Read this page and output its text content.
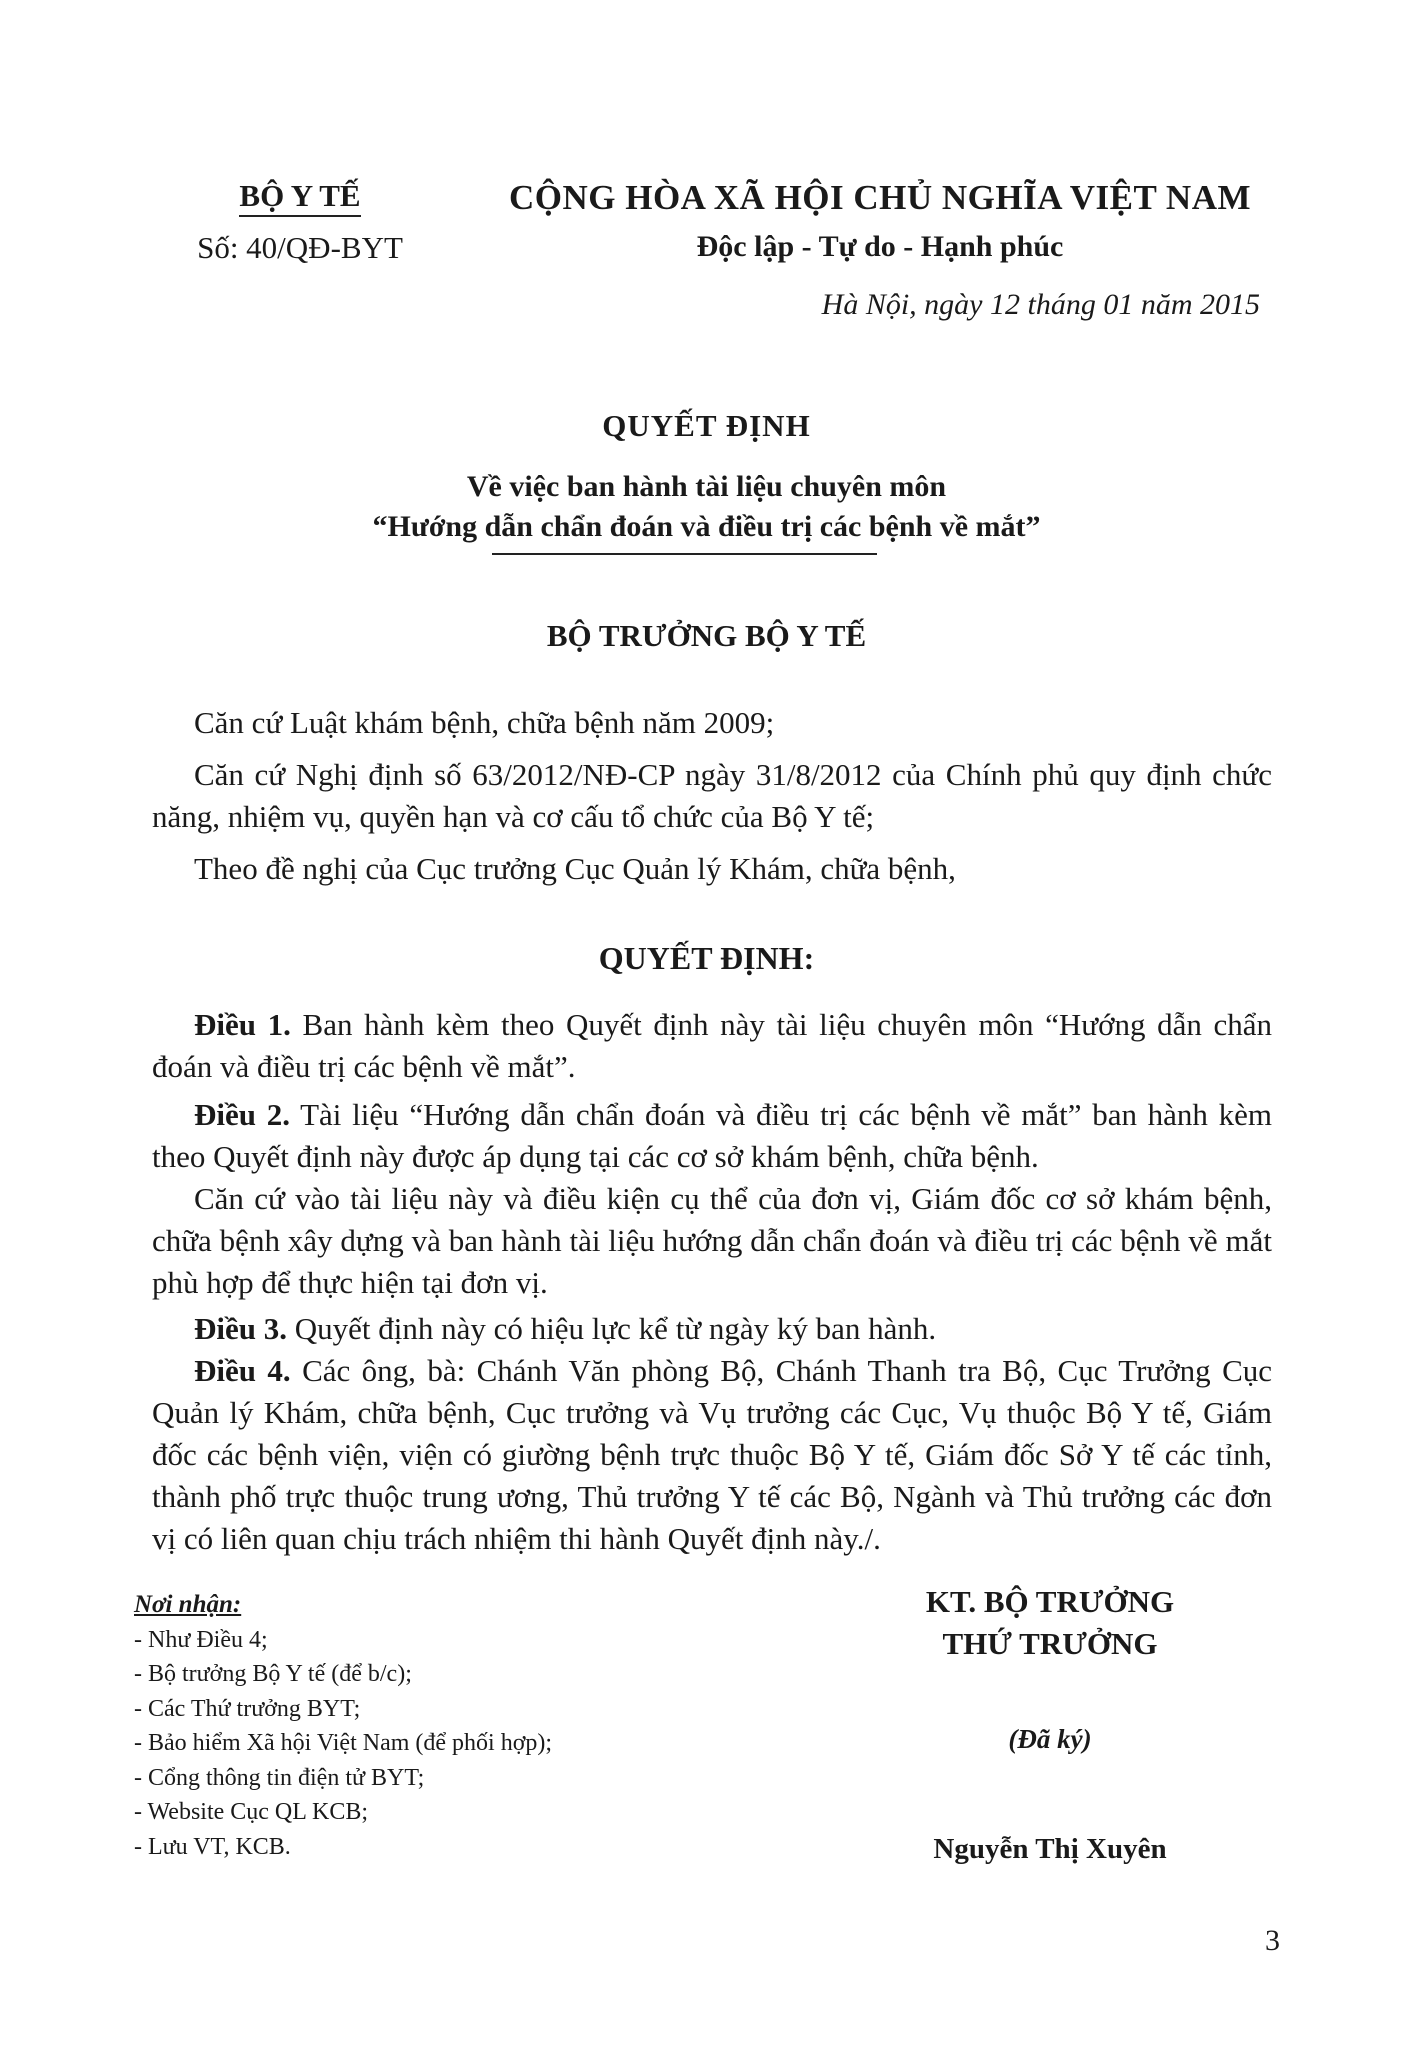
BỘ Y TẾ
Số: 40/QĐ-BYT
CỘNG HÒA XÃ HỘI CHỦ NGHĨA VIỆT NAM
Độc lập - Tự do - Hạnh phúc
Hà Nội, ngày 12 tháng 01 năm 2015
QUYẾT ĐỊNH
Về việc ban hành tài liệu chuyên môn
“Hướng dẫn chẩn đoán và điều trị các bệnh về mắt”
BỘ TRƯỞNG BỘ Y TẾ
Căn cứ Luật khám bệnh, chữa bệnh năm 2009;
Căn cứ Nghị định số 63/2012/NĐ-CP ngày 31/8/2012 của Chính phủ quy định chức năng, nhiệm vụ, quyền hạn và cơ cấu tổ chức của Bộ Y tế;
Theo đề nghị của Cục trưởng Cục Quản lý Khám, chữa bệnh,
QUYẾT ĐỊNH:
Điều 1. Ban hành kèm theo Quyết định này tài liệu chuyên môn “Hướng dẫn chẩn đoán và điều trị các bệnh về mắt”.
Điều 2. Tài liệu “Hướng dẫn chẩn đoán và điều trị các bệnh về mắt” ban hành kèm theo Quyết định này được áp dụng tại các cơ sở khám bệnh, chữa bệnh.
Căn cứ vào tài liệu này và điều kiện cụ thể của đơn vị, Giám đốc cơ sở khám bệnh, chữa bệnh xây dựng và ban hành tài liệu hướng dẫn chẩn đoán và điều trị các bệnh về mắt phù hợp để thực hiện tại đơn vị.
Điều 3. Quyết định này có hiệu lực kể từ ngày ký ban hành.
Điều 4. Các ông, bà: Chánh Văn phòng Bộ, Chánh Thanh tra Bộ, Cục Trưởng Cục Quản lý Khám, chữa bệnh, Cục trưởng và Vụ trưởng các Cục, Vụ thuộc Bộ Y tế, Giám đốc các bệnh viện, viện có giường bệnh trực thuộc Bộ Y tế, Giám đốc Sở Y tế các tỉnh, thành phố trực thuộc trung ương, Thủ trưởng Y tế các Bộ, Ngành và Thủ trưởng các đơn vị có liên quan chịu trách nhiệm thi hành Quyết định này./.
Nơi nhận:
- Như Điều 4;
- Bộ trưởng Bộ Y tế (để b/c);
- Các Thứ trưởng BYT;
- Bảo hiểm Xã hội Việt Nam (để phối hợp);
- Cổng thông tin điện tử BYT;
- Website Cục QL KCB;
- Lưu VT, KCB.
KT. BỘ TRƯỞNG
THỨ TRƯỞNG
(Đã ký)
Nguyễn Thị Xuyên
3
